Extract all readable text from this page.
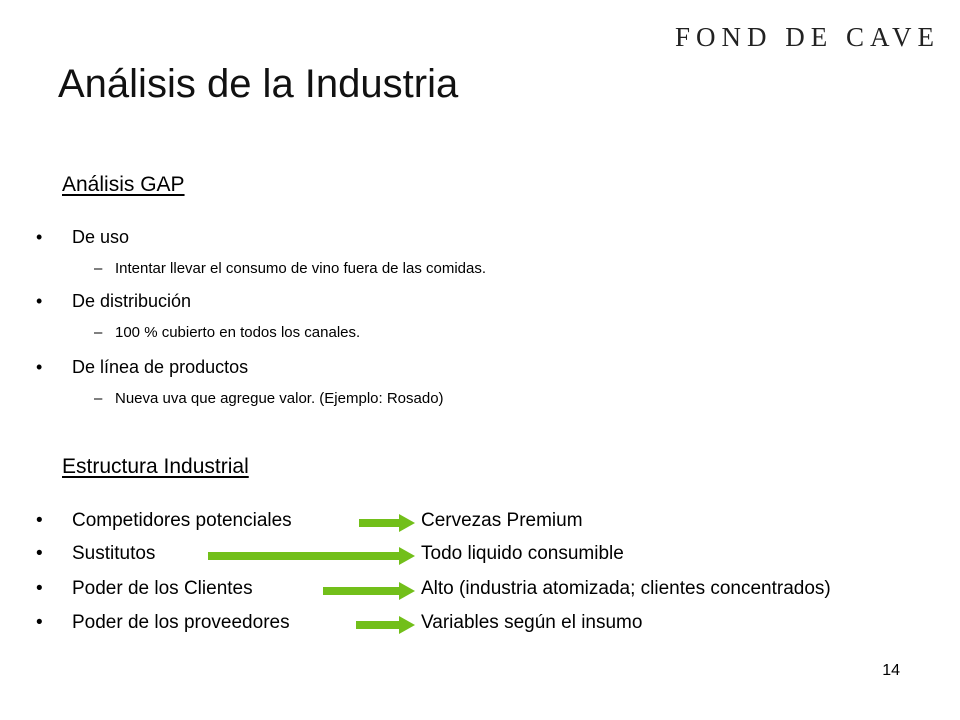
FOND DE CAVE
Análisis de la Industria
Análisis GAP
• De uso
– Intentar llevar el consumo de vino fuera de las comidas.
• De distribución
– 100 % cubierto en todos los canales.
• De línea de productos
– Nueva uva que agregue valor. (Ejemplo: Rosado)
Estructura Industrial
• Competidores potenciales	Cervezas Premium
• Sustitutos	Todo liquido consumible
• Poder de los Clientes	Alto (industria atomizada; clientes concentrados)
• Poder de los proveedores	Variables según el insumo
14
